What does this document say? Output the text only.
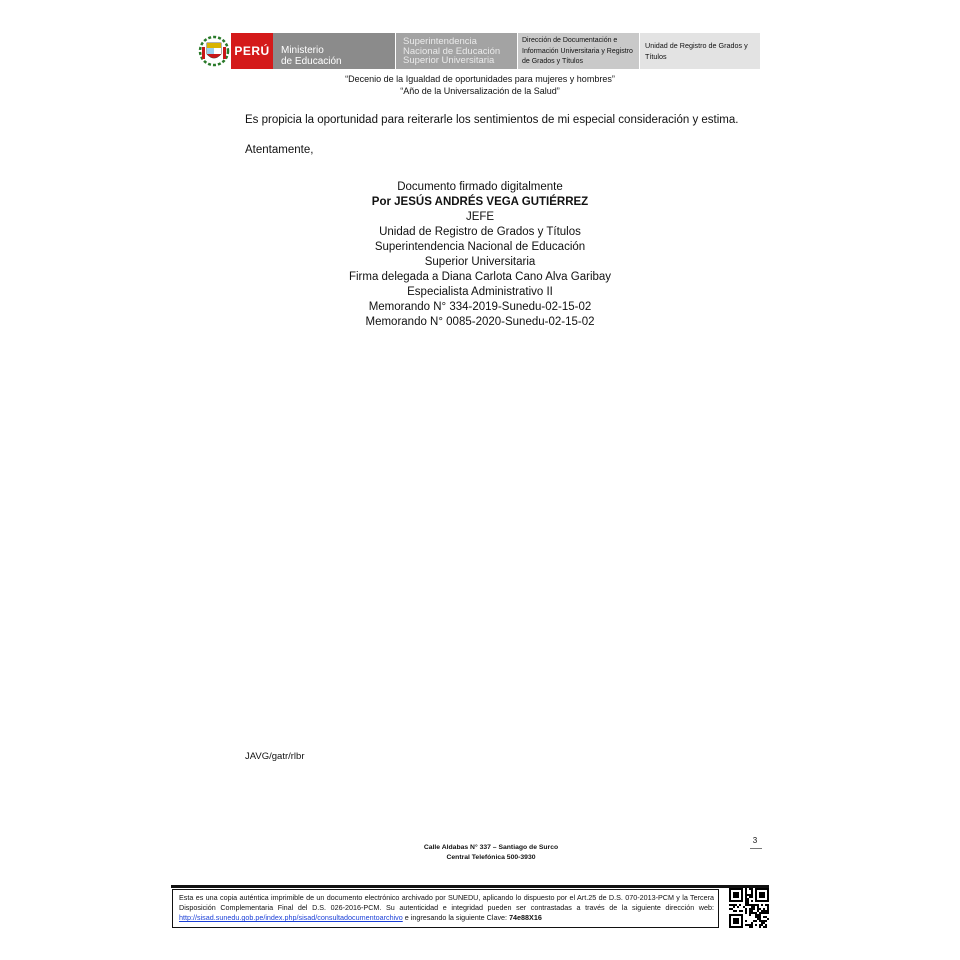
PERÚ Ministerio
de Educación
Superintendencia
Nacional de Educación
Superior Universitaria
Dirección de Documentación e
Información Universitaria y Registro
de Grados y Títulos
Unidad de Registro de Grados y
Títulos
“Decenio de la Igualdad de oportunidades para mujeres y hombres”
“Año de la Universalización de la Salud”
Es propicia la oportunidad para reiterarle los sentimientos de mi especial consideración y estima.
Atentamente,
Documento firmado digitalmente
Por JESÚS ANDRÉS VEGA GUTIÉRREZ
JEFE
Unidad de Registro de Grados y Títulos
Superintendencia Nacional de Educación
Superior Universitaria
Firma delegada a Diana Carlota Cano Alva Garibay
Especialista Administrativo II
Memorando N° 334-2019-Sunedu-02-15-02
Memorando N° 0085-2020-Sunedu-02-15-02
JAVG/gatr/rlbr
3
Calle Aldabas N° 337 – Santiago de Surco
Central Telefónica 500-3930
Esta es una copia auténtica imprimible de un documento electrónico archivado por SUNEDU, aplicando lo dispuesto por el Art.25 de D.S. 070-2013-PCM y la Tercera Disposición Complementaria Final del D.S. 026-2016-PCM. Su autenticidad e integridad pueden ser contrastadas a través de la siguiente dirección web: http://sisad.sunedu.gob.pe/index.php/sisad/consultadocumentoarchivo e ingresando la siguiente Clave: 74e88X16
